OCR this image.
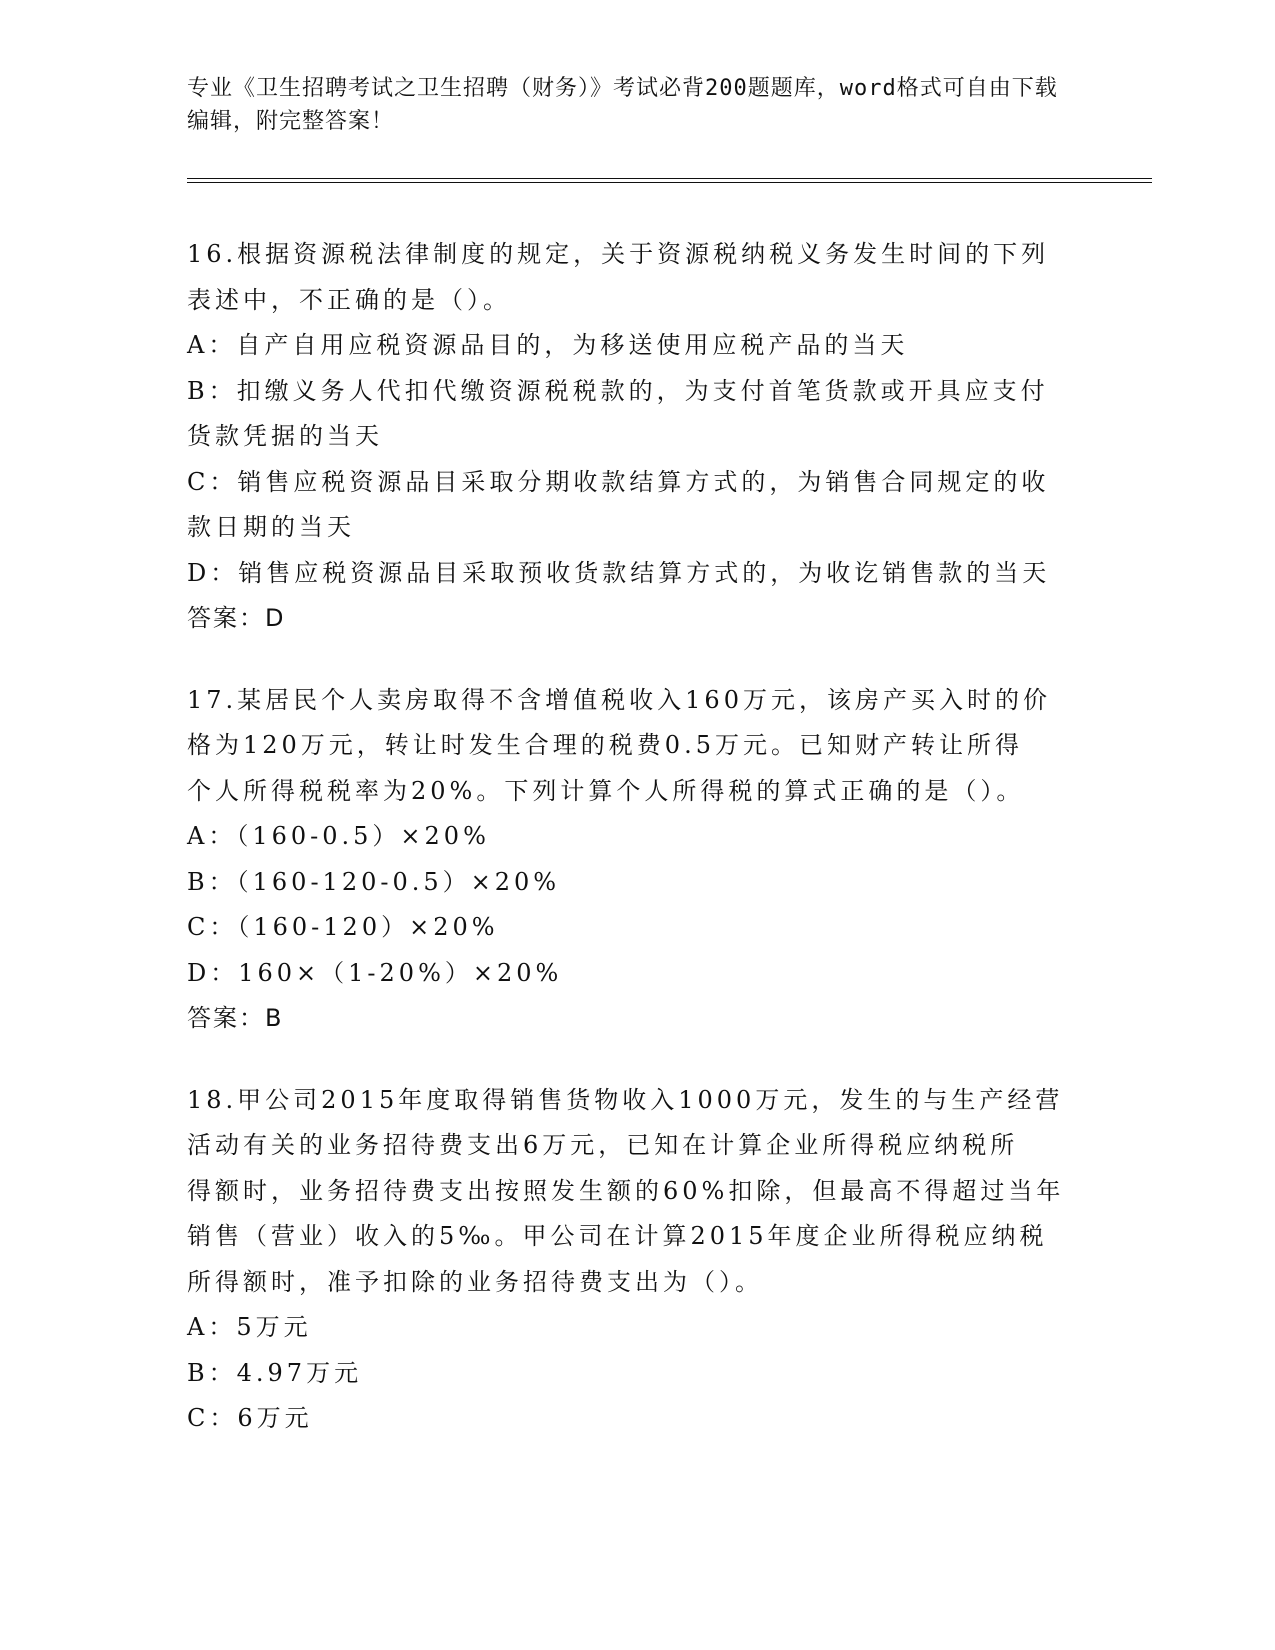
专业《卫生招聘考试之卫生招聘（财务）》考试必背200题题库，word格式可自由下载编辑，附完整答案！
16.根据资源税法律制度的规定，关于资源税纳税义务发生时间的下列
表述中，不正确的是（）。
A：自产自用应税资源品目的，为移送使用应税产品的当天
B：扣缴义务人代扣代缴资源税税款的，为支付首笔货款或开具应支付
货款凭据的当天
C：销售应税资源品目采取分期收款结算方式的，为销售合同规定的收
款日期的当天
D：销售应税资源品目采取预收货款结算方式的，为收讫销售款的当天
答案：D
17.某居民个人卖房取得不含增值税收入160万元，该房产买入时的价
格为120万元，转让时发生合理的税费0.5万元。已知财产转让所得
个人所得税税率为20%。下列计算个人所得税的算式正确的是（）。
A：（160-0.5）×20%
B：（160-120-0.5）×20%
C：（160-120）×20%
D：160×（1-20%）×20%
答案：B
18.甲公司2015年度取得销售货物收入1000万元，发生的与生产经营
活动有关的业务招待费支出6万元，已知在计算企业所得税应纳税所
得额时，业务招待费支出按照发生额的60%扣除，但最高不得超过当年
销售（营业）收入的5‰。甲公司在计算2015年度企业所得税应纳税
所得额时，准予扣除的业务招待费支出为（）。
A：5万元
B：4.97万元
C：6万元
